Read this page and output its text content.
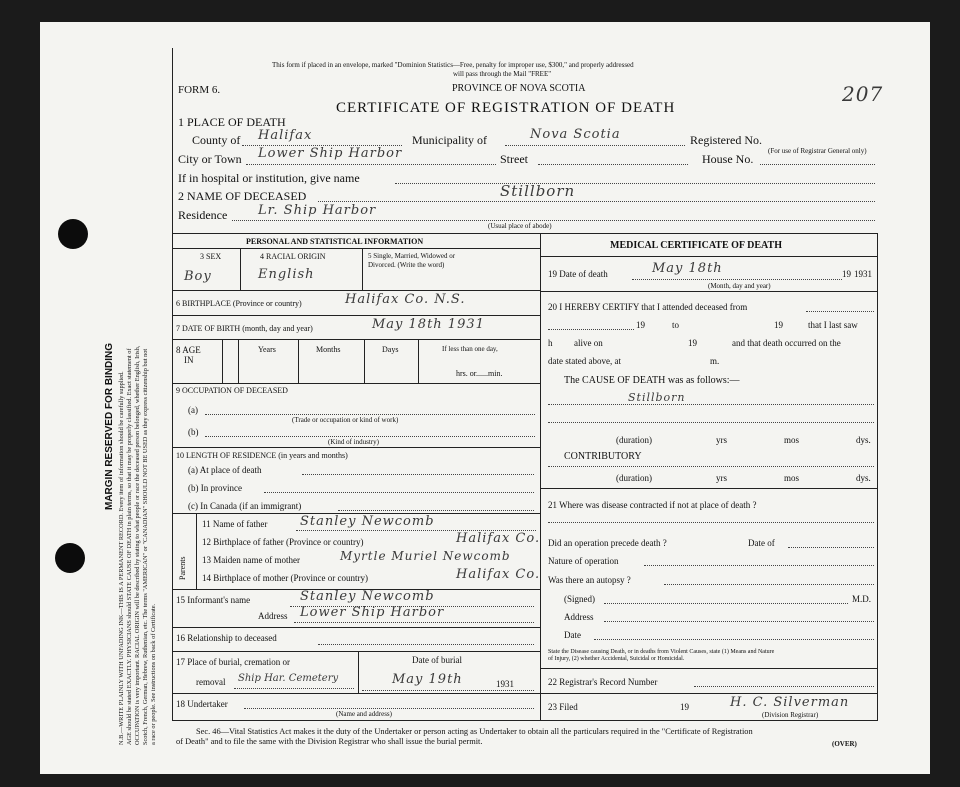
MARGIN RESERVED FOR BINDING N.B.—WRITE PLAINLY WITH UNFADING INK—THIS IS A PERMANENT RECORD. Every item of information should be carefully supplied. AGE should be stated EXACTLY. PHYSICIANS should STATE CAUSE OF DEATH in plain terms, so that it may be properly classified. Exact statement of OCCUPATION is very important. RACIAL ORIGIN will be described by stating to what people or race the deceased person belonged, whether English, Irish, Scotch, French, German, Hebrew, Ruthenian, etc. The terms "AMERICAN" or "CANADIAN" SHOULD NOT BE USED as they express citizenship but not a race or people. See instructions on back of Certificate.
This form if placed in an envelope, marked "Dominion Statistics—Free, penalty for improper use, $300," and properly addressed
will pass through the Mail "FREE"
PROVINCE OF NOVA SCOTIA
FORM 6.
CERTIFICATE OF REGISTRATION OF DEATH
207
1 PLACE OF DEATH
County of Halifax	Municipality of	Nova Scotia	Registered No.
(For use of Registrar General only)
City or Town Lower Ship Harbor	Street	House No.
If in hospital or institution, give name
2 NAME OF DECEASED	Stillborn
Residence Lr. Ship Harbor
(Usual place of abode)
PERSONAL AND STATISTICAL INFORMATION
3 SEX	4 RACIAL ORIGIN	5 Single, Married, Widowed or
Divorced. (Write the word)
Boy	English
6 BIRTHPLACE (Province or country)	Halifax Co. N.S.
7 DATE OF BIRTH (month, day and year)	May 18th 1931
8 AGE
IN
Years	Months	Days	If less than one day,
hrs. or......min.
9 OCCUPATION OF DECEASED
(a)
(Trade or occupation or kind of work)
(b)
(Kind of industry)
10 LENGTH OF RESIDENCE (in years and months)
(a) At place of death
(b) In province
(c) In Canada (if an immigrant)
Parents
11 Name of father	Stanley Newcomb
12 Birthplace of father (Province or country)	Halifax Co.
13 Maiden name of mother	Myrtle Muriel Newcomb
14 Birthplace of mother (Province or country)	Halifax Co.
15 Informant's name	Stanley Newcomb
Address Lower Ship Harbor
16 Relationship to deceased
17 Place of burial, cremation or
removal Ship Har. Cemetery
Date of burial
May 19th	1931
18 Undertaker
(Name and address)
MEDICAL CERTIFICATE OF DEATH
19 Date of death	May 18th	19 1931
(Month, day and year)
20 I HEREBY CERTIFY that I attended deceased from
19	to	19	that I last saw
h alive on	19	and that death occurred on the
date stated above, at	m.
The CAUSE OF DEATH was as follows:—
Stillborn
(duration)	yrs	mos	dys.
CONTRIBUTORY
(duration)	yrs	mos	dys.
21 Where was disease contracted if not at place of death ?
Did an operation precede death ?	Date of
Nature of operation
Was there an autopsy ?
(Signed)	M.D.
Address
Date
State the Disease causing Death, or in deaths from Violent Causes, state (1) Means and Nature
of Injury, (2) whether Accidental, Suicidal or Homicidal.
22 Registrar's Record Number
23 Filed	19	H. C. Silverman
(Division Registrar)
Sec. 46—Vital Statistics Act makes it the duty of the Undertaker or person acting as Undertaker to obtain all the particulars required in the "Certificate of Registration
of Death" and to file the same with the Division Registrar who shall issue the burial permit.	(OVER)
